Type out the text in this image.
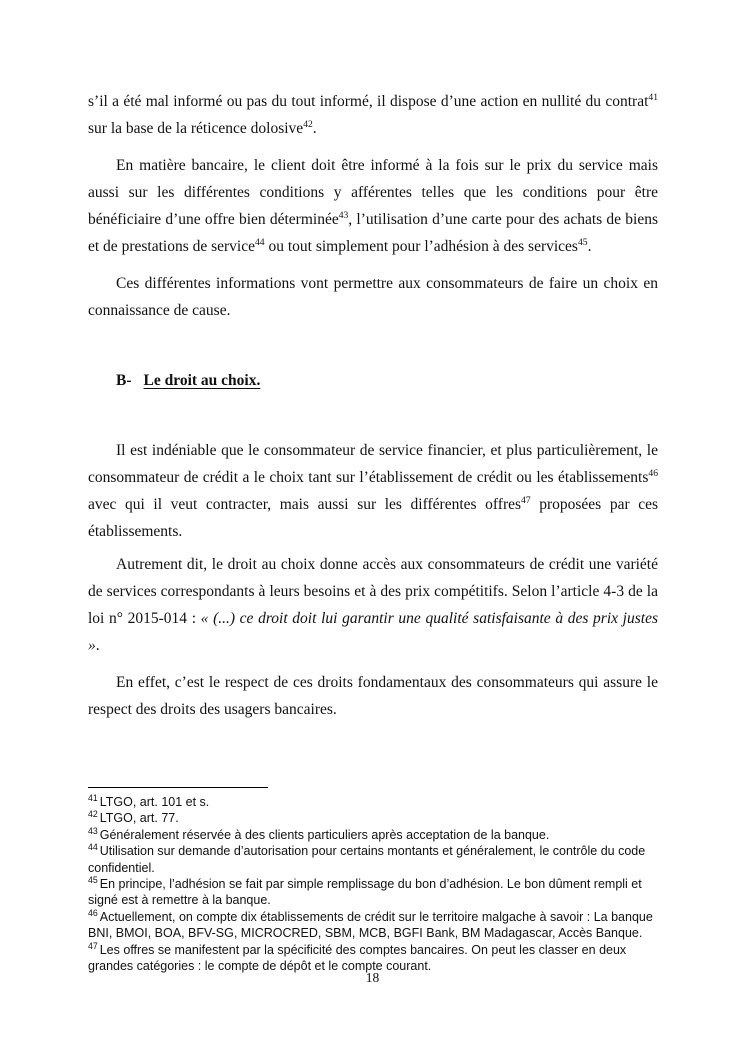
s’il a été mal informé ou pas du tout informé, il dispose d’une action en nullité du contrat$^{41}$ sur la base de la réticence dolosive$^{42}$.

En matière bancaire, le client doit être informé à la fois sur le prix du service mais aussi sur les différentes conditions y afférentes telles que les conditions pour être bénéficiaire d’une offre bien déterminée$^{43}$, l’utilisation d’une carte pour des achats de biens et de prestations de service$^{44}$ ou tout simplement pour l’adhésion à des services$^{45}$.

Ces différentes informations vont permettre aux consommateurs de faire un choix en connaissance de cause.

B- Le droit au choix.

Il est indéniable que le consommateur de service financier, et plus particulièrement, le consommateur de crédit a le choix tant sur l’établissement de crédit ou les établissements$^{46}$ avec qui il veut contracter, mais aussi sur les différentes offres$^{47}$ proposées par ces établissements.

Autrement dit, le droit au choix donne accès aux consommateurs de crédit une variété de services correspondants à leurs besoins et à des prix compétitifs. Selon l’article 4-3 de la loi n° 2015-014 : « (...) ce droit doit lui garantir une qualité satisfaisante à des prix justes ».

En effet, c’est le respect de ces droits fondamentaux des consommateurs qui assure le respect des droits des usagers bancaires.

$^{41}$ LTGO, art. 101 et s.
$^{42}$ LTGO, art. 77.
$^{43}$ Généralement réservée à des clients particuliers après acceptation de la banque.
$^{44}$ Utilisation sur demande d’autorisation pour certains montants et généralement, le contrôle du code confidentiel.
$^{45}$ En principe, l’adhésion se fait par simple remplissage du bon d’adhésion. Le bon dûment rempli et signé est à remettre à la banque.
$^{46}$ Actuellement, on compte dix établissements de crédit sur le territoire malgache à savoir : La banque BNI, BMOI, BOA, BFV-SG, MICROCRED, SBM, MCB, BGFI Bank, BM Madagascar, Accès Banque.
$^{47}$ Les offres se manifestent par la spécificité des comptes bancaires. On peut les classer en deux grandes catégories : le compte de dépôt et le compte courant.
18
